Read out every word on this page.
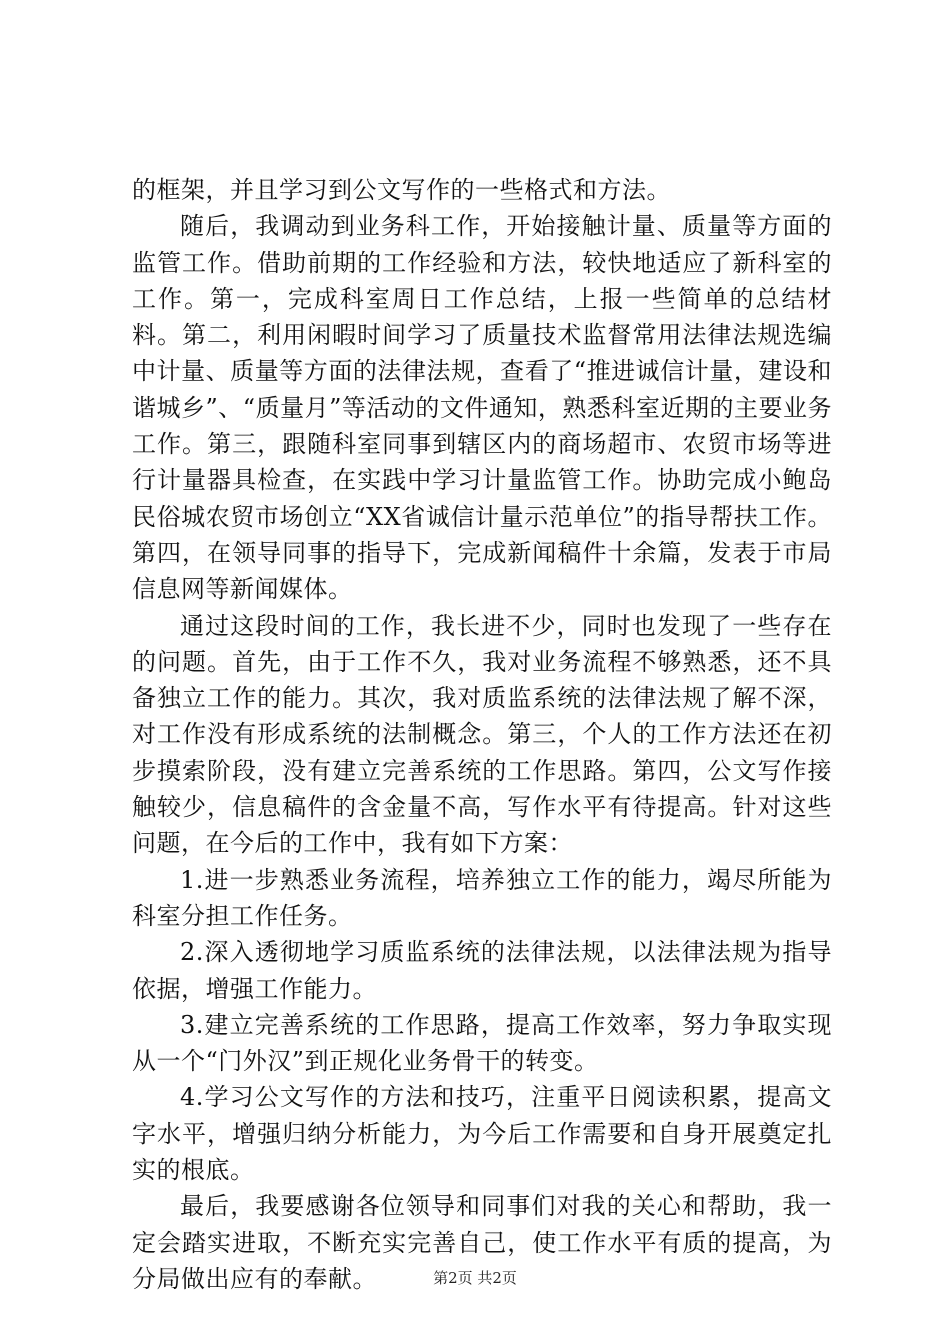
的框架，并且学习到公文写作的一些格式和方法。

随后，我调动到业务科工作，开始接触计量、质量等方面的监管工作。借助前期的工作经验和方法，较快地适应了新科室的工作。第一，完成科室周日工作总结，上报一些简单的总结材料。第二，利用闲暇时间学习了质量技术监督常用法律法规选编中计量、质量等方面的法律法规，查看了“推进诚信计量，建设和谐城乡”、“质量月”等活动的文件通知，熟悉科室近期的主要业务工作。第三，跟随科室同事到辖区内的商场超市、农贸市场等进行计量器具检查，在实践中学习计量监管工作。协助完成小鲍岛民俗城农贸市场创立“XX省诚信计量示范单位”的指导帮扶工作。第四，在领导同事的指导下，完成新闻稿件十余篇，发表于市局信息网等新闻媒体。

通过这段时间的工作，我长进不少，同时也发现了一些存在的问题。首先，由于工作不久，我对业务流程不够熟悉，还不具备独立工作的能力。其次，我对质监系统的法律法规了解不深，对工作没有形成系统的法制概念。第三，个人的工作方法还在初步摸索阶段，没有建立完善系统的工作思路。第四，公文写作接触较少，信息稿件的含金量不高，写作水平有待提高。针对这些问题，在今后的工作中，我有如下方案：

1.进一步熟悉业务流程，培养独立工作的能力，竭尽所能为科室分担工作任务。

2.深入透彻地学习质监系统的法律法规，以法律法规为指导依据，增强工作能力。

3.建立完善系统的工作思路，提高工作效率，努力争取实现从一个“门外汉”到正规化业务骨干的转变。

4.学习公文写作的方法和技巧，注重平日阅读积累，提高文字水平，增强归纳分析能力，为今后工作需要和自身开展奠定扎实的根底。

最后，我要感谢各位领导和同事们对我的关心和帮助，我一定会踏实进取，不断充实完善自己，使工作水平有质的提高，为分局做出应有的奉献。	第2页 共2页
